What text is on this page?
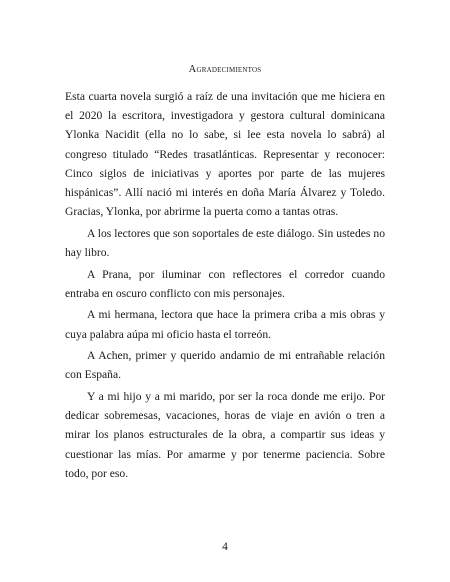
Agradecimientos

Esta cuarta novela surgió a raíz de una invitación que me hiciera en el 2020 la escritora, investigadora y gestora cultural dominicana Ylonka Nacidit (ella no lo sabe, si lee esta novela lo sabrá) al congreso titulado “Redes trasatlánticas. Representar y reconocer: Cinco siglos de iniciativas y aportes por parte de las mujeres hispánicas”. Allí nació mi interés en doña María Álvarez y Toledo. Gracias, Ylonka, por abrirme la puerta como a tantas otras.

A los lectores que son soportales de este diálogo. Sin ustedes no hay libro.

A Prana, por iluminar con reflectores el corredor cuando entraba en oscuro conflicto con mis personajes.

A mi hermana, lectora que hace la primera criba a mis obras y cuya palabra aúpa mi oficio hasta el torreón.

A Achen, primer y querido andamio de mi entrañable relación con España.

Y a mi hijo y a mi marido, por ser la roca donde me erijo. Por dedicar sobremesas, vacaciones, horas de viaje en avión o tren a mirar los planos estructurales de la obra, a compartir sus ideas y cuestionar las mías. Por amarme y por tenerme paciencia. Sobre todo, por eso.

4
